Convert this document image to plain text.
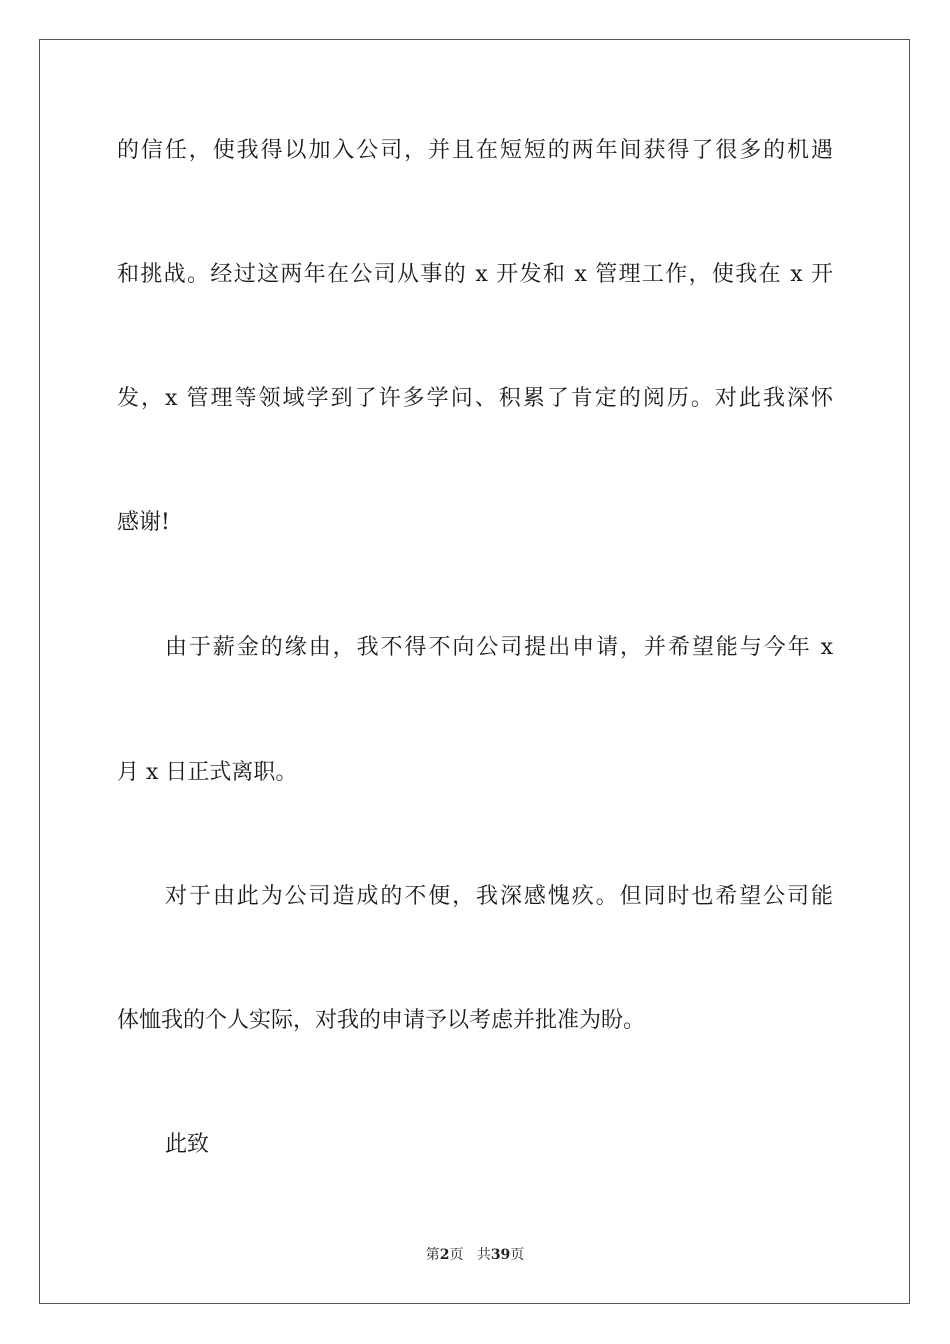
的信任，使我得以加入公司，并且在短短的两年间获得了很多的机遇
和挑战。经过这两年在公司从事的 x 开发和 x 管理工作，使我在 x 开
发，x 管理等领域学到了许多学问、积累了肯定的阅历。对此我深怀
感谢!
由于薪金的缘由，我不得不向公司提出申请，并希望能与今年 x
月 x 日正式离职。
对于由此为公司造成的不便，我深感愧疚。但同时也希望公司能
体恤我的个人实际，对我的申请予以考虑并批准为盼。
此致
第2页 共39页
